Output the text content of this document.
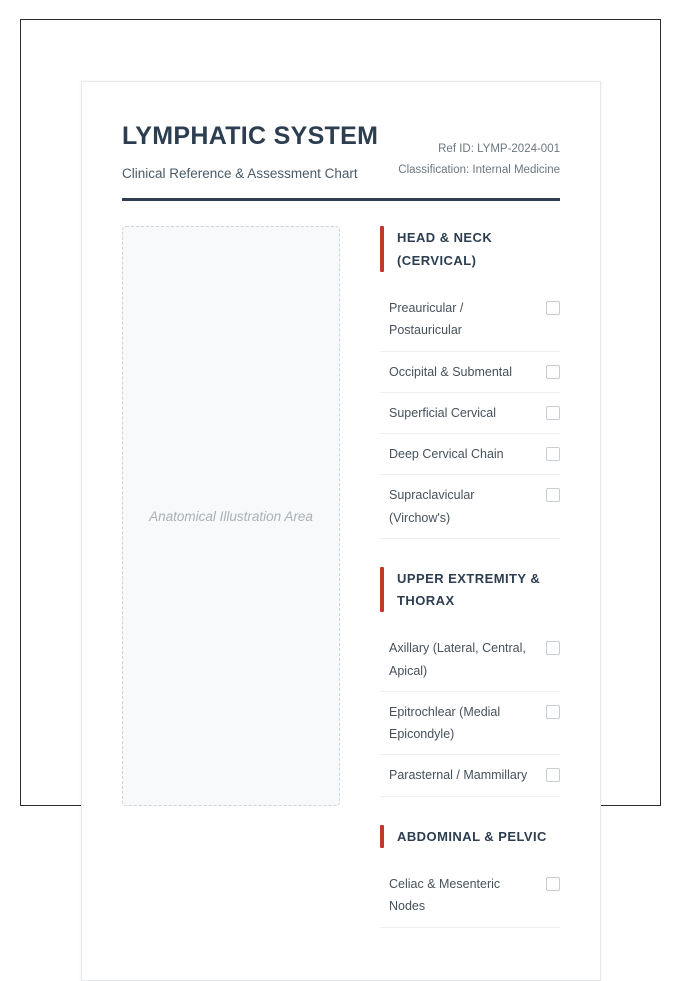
LYMPHATIC SYSTEM
Clinical Reference & Assessment Chart
Ref ID: LYMP-2024-001
Classification: Internal Medicine
Anatomical Illustration Area
HEAD & NECK (CERVICAL)
Preauricular / Postauricular
Occipital & Submental
Superficial Cervical
Deep Cervical Chain
Supraclavicular (Virchow's)
UPPER EXTREMITY & THORAX
Axillary (Lateral, Central, Apical)
Epitrochlear (Medial Epicondyle)
Parasternal / Mammillary
ABDOMINAL & PELVIC
Celiac & Mesenteric Nodes
